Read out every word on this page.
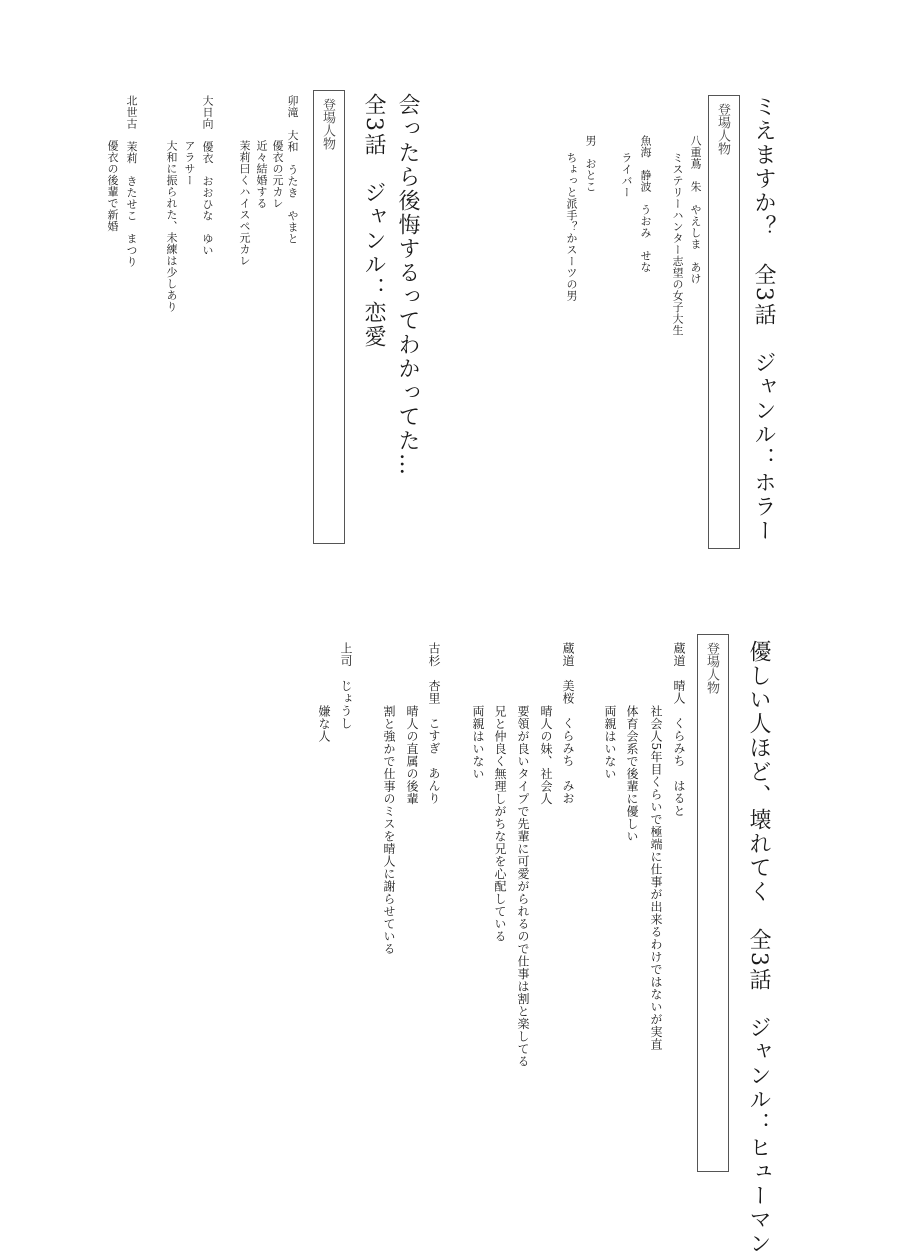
ミえますか？　全3話　ジャンル：ホラー
登場人物
八重蔦　朱　やえしま　あけ
ミステリーハンター志望の女子大生
魚海　静波　うおみ　せな
ライバー
男　おとこ
ちょっと派手？かスーツの男
会ったら後悔するってわかってた…
全3話　ジャンル：恋愛
登場人物
卯滝　大和　うたき　やまと
優衣の元カレ
近々結婚する
茉莉曰くハイスペ元カレ
大日向　優衣　おおひな　ゆい
アラサー
大和に振られた、未練は少しあり
北世古　茉莉　きたせこ　まつり
優衣の後輩で新婚
優しい人ほど、壊れてく　全3話　ジャンル：ヒューマン
登場人物
蔵道　晴人　くらみち　はると
社会人5年目くらいで極端に仕事が出来るわけではないが実直
体育会系で後輩に優しい
両親はいない
蔵道　美桜　くらみち　みお
晴人の妹、社会人
要領が良いタイプで先輩に可愛がられるので仕事は割と楽してる
兄と仲良く無理しがちな兄を心配している
両親はいない
古杉　杏里　こすぎ　あんり
晴人の直属の後輩
割と強かで仕事のミスを晴人に謝らせている
上司　じょうし
嫌な人
